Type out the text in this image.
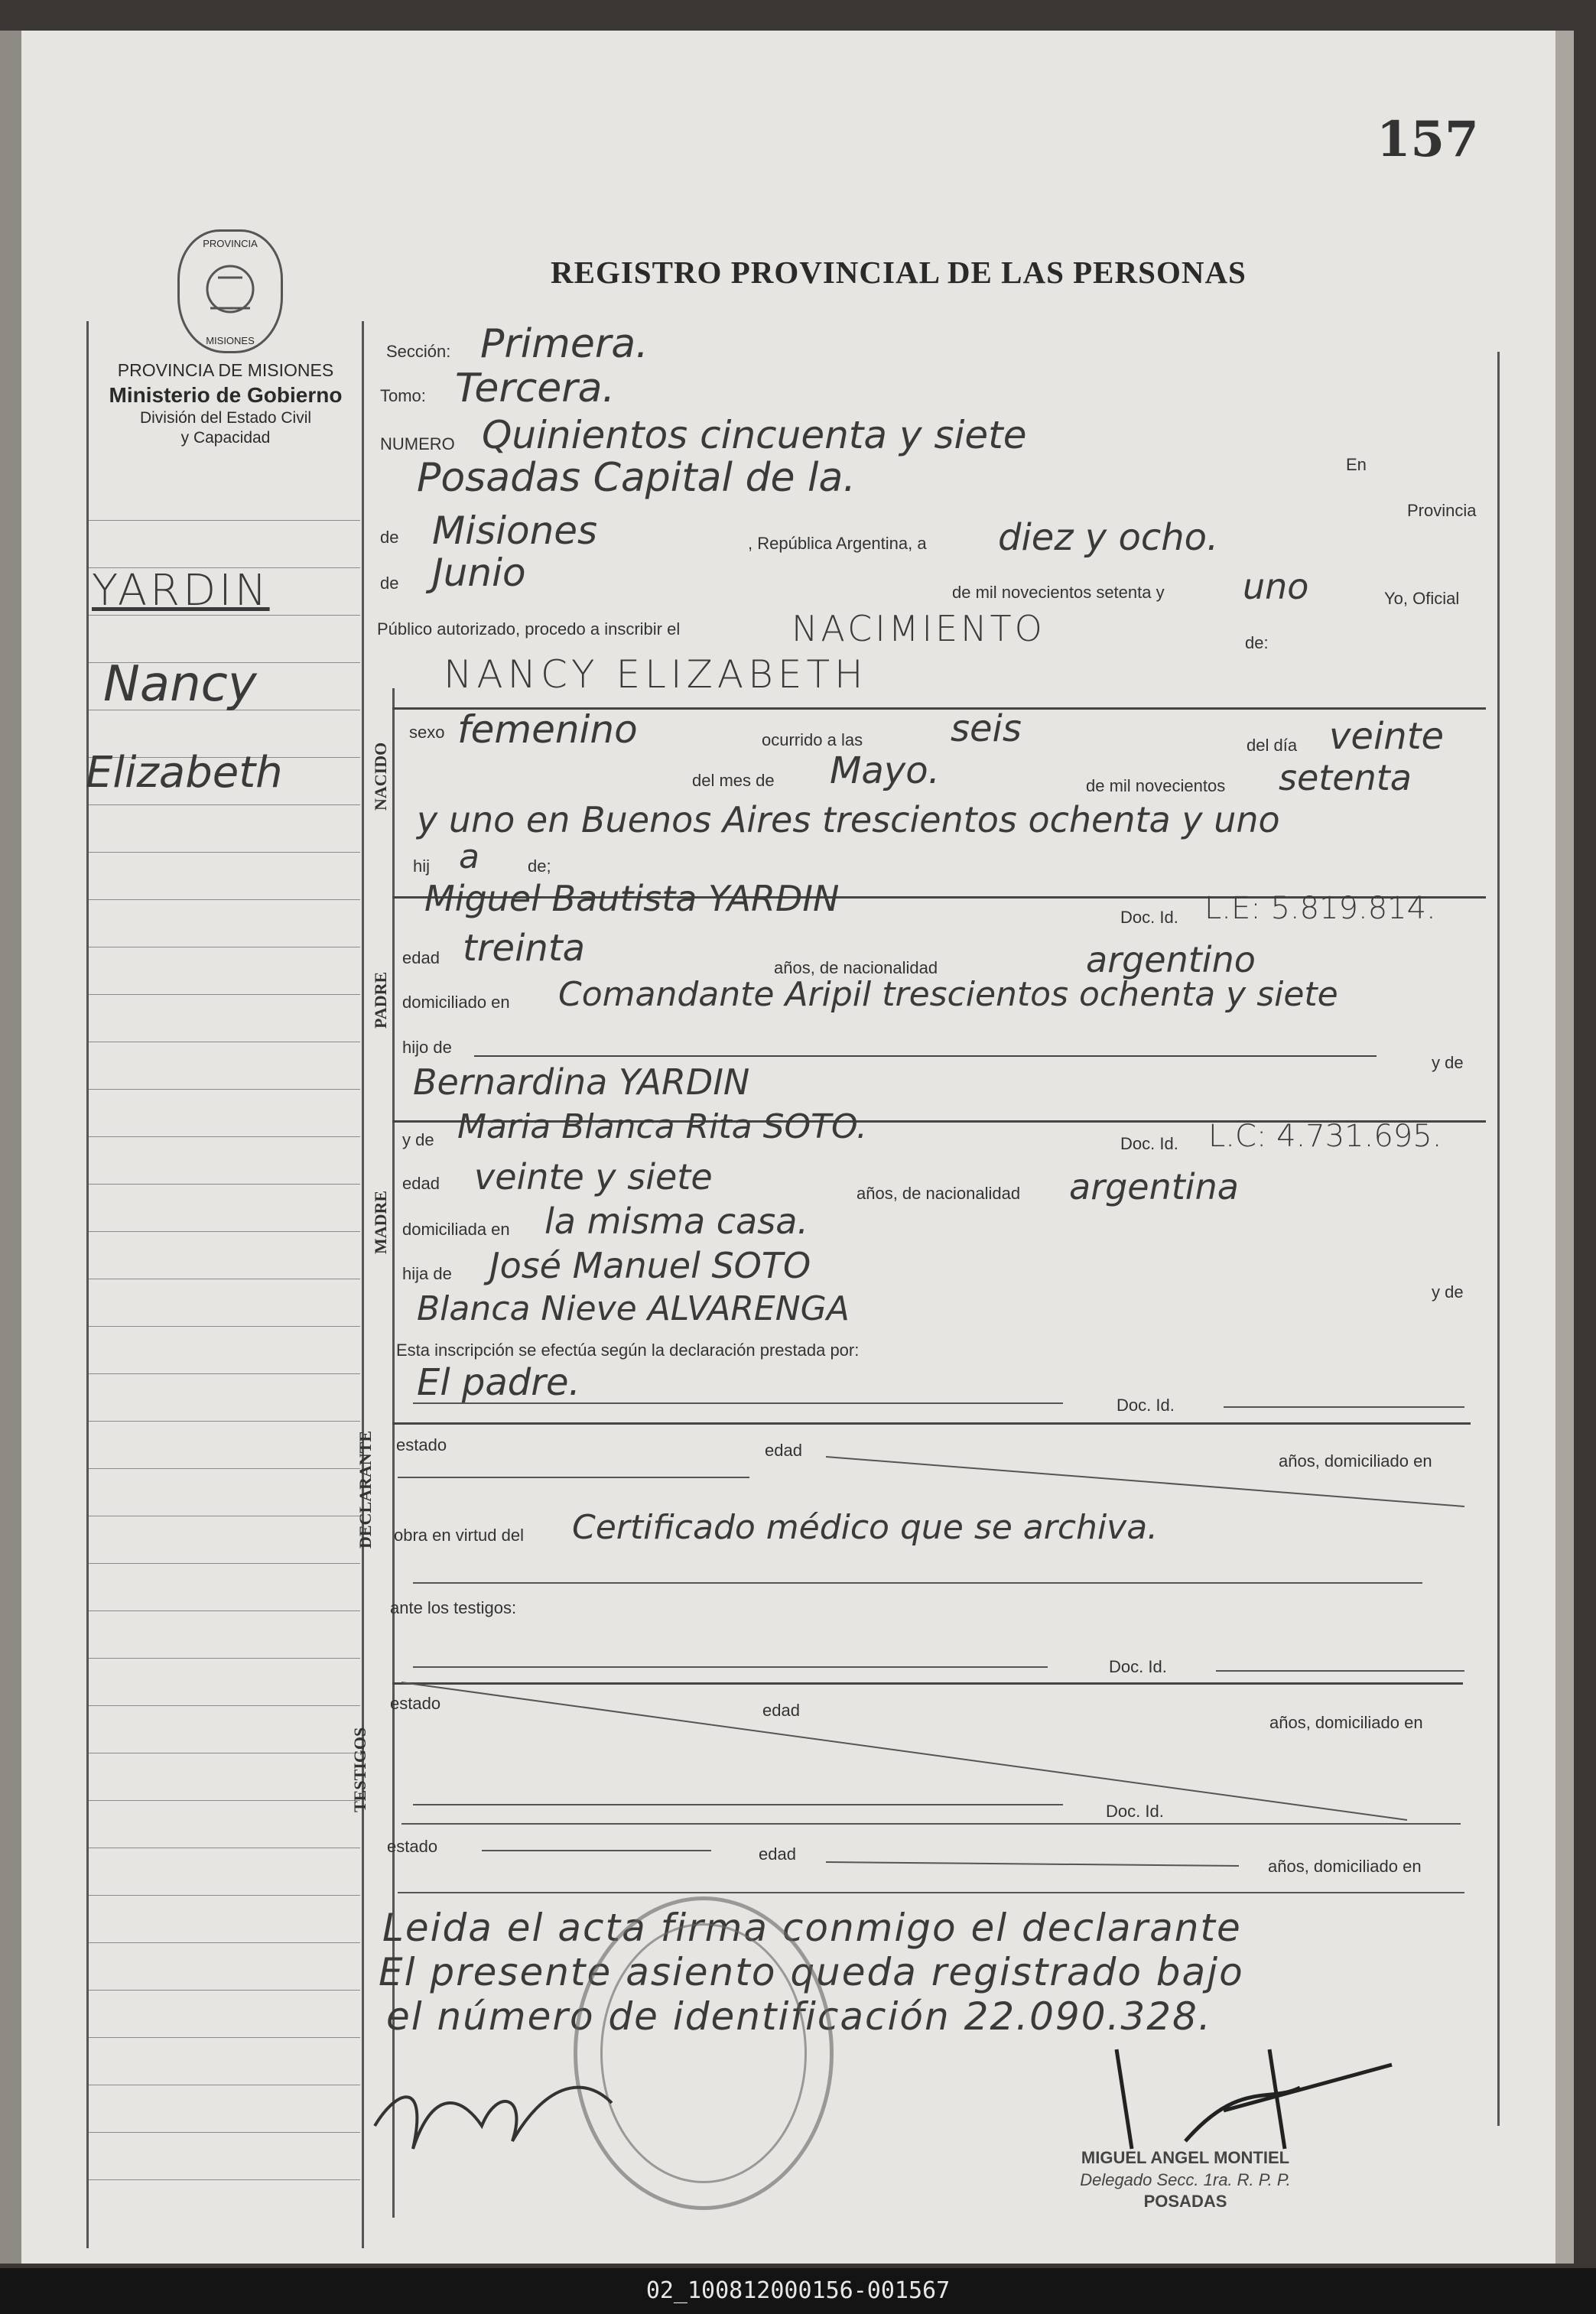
157
REGISTRO PROVINCIAL DE LAS PERSONAS
PROVINCIA
MISIONES
PROVINCIA DE MISIONES
Ministerio de Gobierno
División del Estado Civil
y Capacidad
YARDIN
Nancy
Elizabeth
Sección: Primera.
Tomo: Tercera.
NUMERO Quinientos cincuenta y siete
En
Posadas Capital de la.
Provincia
de Misiones	, República Argentina, a diez y ocho.
de Junio	de mil novecientos setenta y uno	Yo, Oficial
Público autorizado, procedo a inscribir el	NACIMIENTO	de:
NACIDO
NANCY ELIZABETH
sexo femenino	ocurrido a las seis	del día veinte
del mes de Mayo.	de mil novecientos setenta
y uno en Buenos Aires trescientos ochenta y uno
hij a	de;
PADRE
Miguel Bautista YARDIN	Doc. Id. L.E: 5.819.814.
edad treinta	años, de nacionalidad	argentino
domiciliado en Comandante Aripil trescientos ochenta y siete
hijo de
y de
Bernardina YARDIN
MADRE
y de Maria Blanca Rita SOTO.	Doc. Id. L.C: 4.731.695.
edad veinte y siete	años, de nacionalidad argentina
domiciliada en la misma casa.
hija de José Manuel SOTO
y de
Blanca Nieve ALVARENGA
Esta inscripción se efectúa según la declaración prestada por:
El padre.
Doc. Id.
DECLARANTE estado	edad
años, domiciliado en
obra en virtud del Certificado médico que se archiva.
ante los testigos:
TESTIGOS
Doc. Id.
estado	edad
años, domiciliado en
Doc. Id.
estado	edad
años, domiciliado en
Leida el acta firma conmigo el declarante
El presente asiento queda registrado bajo
el número de identificación 22.090.328.
MIGUEL ANGEL MONTIEL
Delegado Secc. 1ra. R. P. P.
POSADAS
02_100812000156-001567
